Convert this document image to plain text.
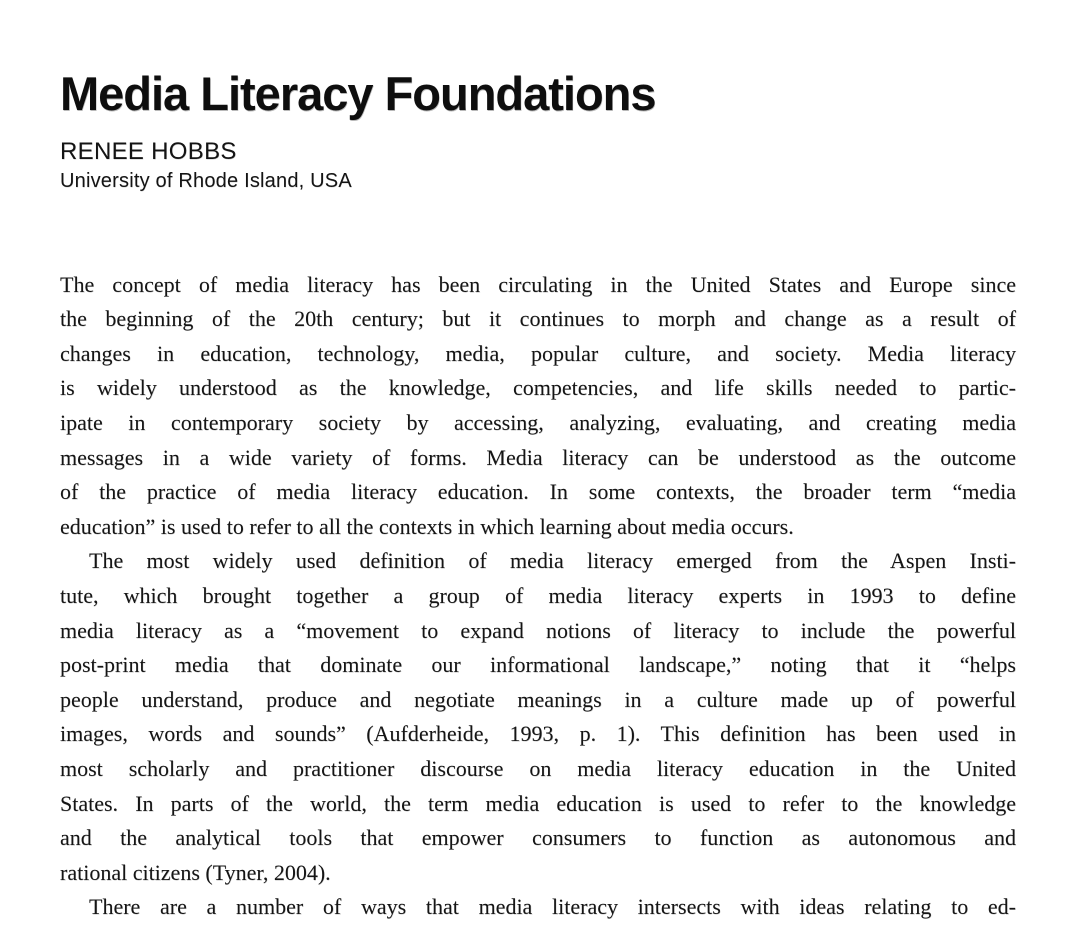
Media Literacy Foundations
RENEE HOBBS
University of Rhode Island, USA
The concept of media literacy has been circulating in the United States and Europe since
the beginning of the 20th century; but it continues to morph and change as a result of
changes in education, technology, media, popular culture, and society. Media literacy
is widely understood as the knowledge, competencies, and life skills needed to partic-
ipate in contemporary society by accessing, analyzing, evaluating, and creating media
messages in a wide variety of forms. Media literacy can be understood as the outcome
of the practice of media literacy education. In some contexts, the broader term “media
education” is used to refer to all the contexts in which learning about media occurs.
The most widely used definition of media literacy emerged from the Aspen Insti-
tute, which brought together a group of media literacy experts in 1993 to define
media literacy as a “movement to expand notions of literacy to include the powerful
post-print media that dominate our informational landscape,” noting that it “helps
people understand, produce and negotiate meanings in a culture made up of powerful
images, words and sounds” (Aufderheide, 1993, p. 1). This definition has been used in
most scholarly and practitioner discourse on media literacy education in the United
States. In parts of the world, the term media education is used to refer to the knowledge
and the analytical tools that empower consumers to function as autonomous and
rational citizens (Tyner, 2004).
There are a number of ways that media literacy intersects with ideas relating to ed-
